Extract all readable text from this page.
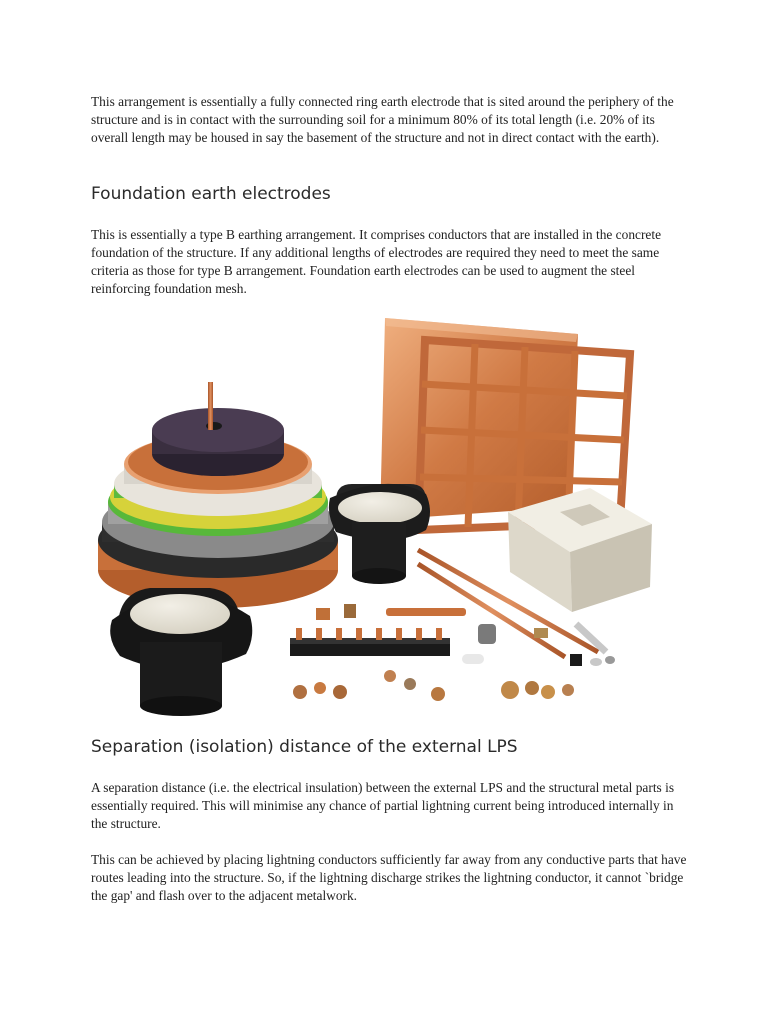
This arrangement is essentially a fully connected ring earth electrode that is sited around the periphery of the structure and is in contact with the surrounding soil for a minimum 80% of its total length (i.e. 20% of its overall length may be housed in say the basement of the structure and not in direct contact with the earth).

Foundation earth electrodes

This is essentially a type B earthing arrangement. It comprises conductors that are installed in the concrete foundation of the structure. If any additional lengths of electrodes are required they need to meet the same criteria as those for type B arrangement. Foundation earth electrodes can be used to augment the steel reinforcing foundation mesh.

Separation (isolation) distance of the external LPS

A separation distance (i.e. the electrical insulation) between the external LPS and the structural metal parts is essentially required. This will minimise any chance of partial lightning current being introduced internally in the structure.

This can be achieved by placing lightning conductors sufficiently far away from any conductive parts that have routes leading into the structure. So, if the lightning discharge strikes the lightning conductor, it cannot `bridge the gap' and flash over to the adjacent metalwork.
